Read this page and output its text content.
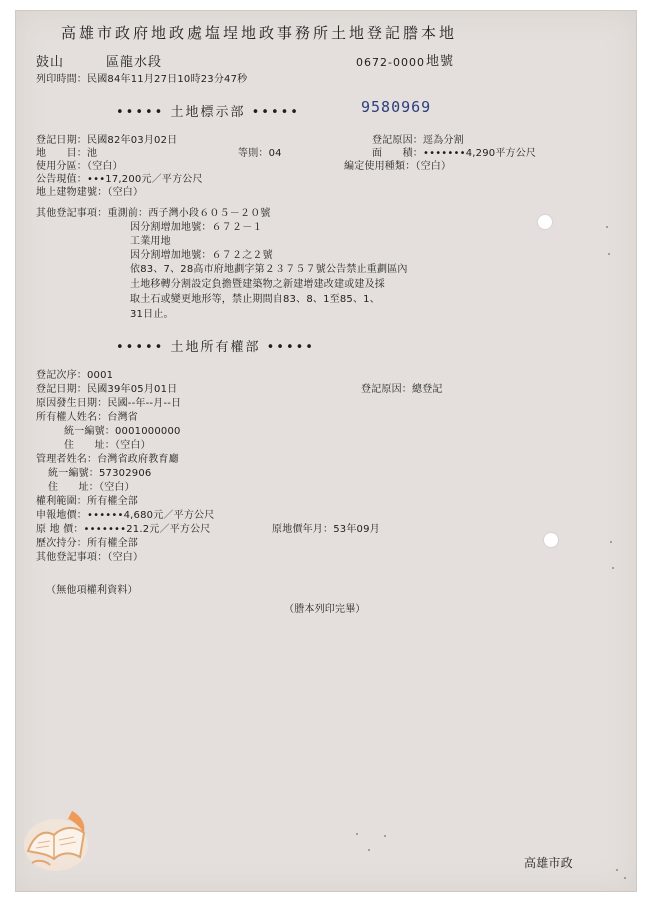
高雄市政府地政處塩埕地政事務所土地登記謄本地
鼓山	區龍水段	0672-0000 地號
列印時間：民國84年11月27日10時23分47秒
••••• 土地標示部 •••••	9580969
登記日期：民國82年03月02日	登記原因：逕為分割
地　　目：池	等則：04	面　　積：•••••••4,290平方公尺
使用分區：（空白）	編定使用種類：（空白）
公告現值：•••17,200元／平方公尺
地上建物建號：（空白）
其他登記事項：重測前：西子灣小段６０５－２０號
因分割增加地號：６７２－１
工業用地
因分割增加地號：６７２之２號
依83、7、28高市府地劃字第２３７５７號公告禁止重劃區內
土地移轉分割設定負擔暨建築物之新建增建改建或建及採
取土石或變更地形等，禁止期間自83、8、1至85、1、
31日止。
••••• 土地所有權部 •••••
登記次序：0001
登記日期：民國39年05月01日	登記原因：總登記
原因發生日期：民國--年--月--日
所有權人姓名：台灣省
統一編號：0001000000
住　　址：（空白）
管理者姓名：台灣省政府教育廳
統一編號：57302906
住　　址：（空白）
權利範圍：所有權全部
申報地價：••••••4,680元／平方公尺
原 地 價：•••••••21.2元／平方公尺	原地價年月：53年09月
歷次持分：所有權全部
其他登記事項：（空白）
（無他項權利資料）
（謄本列印完畢）
高雄市政
